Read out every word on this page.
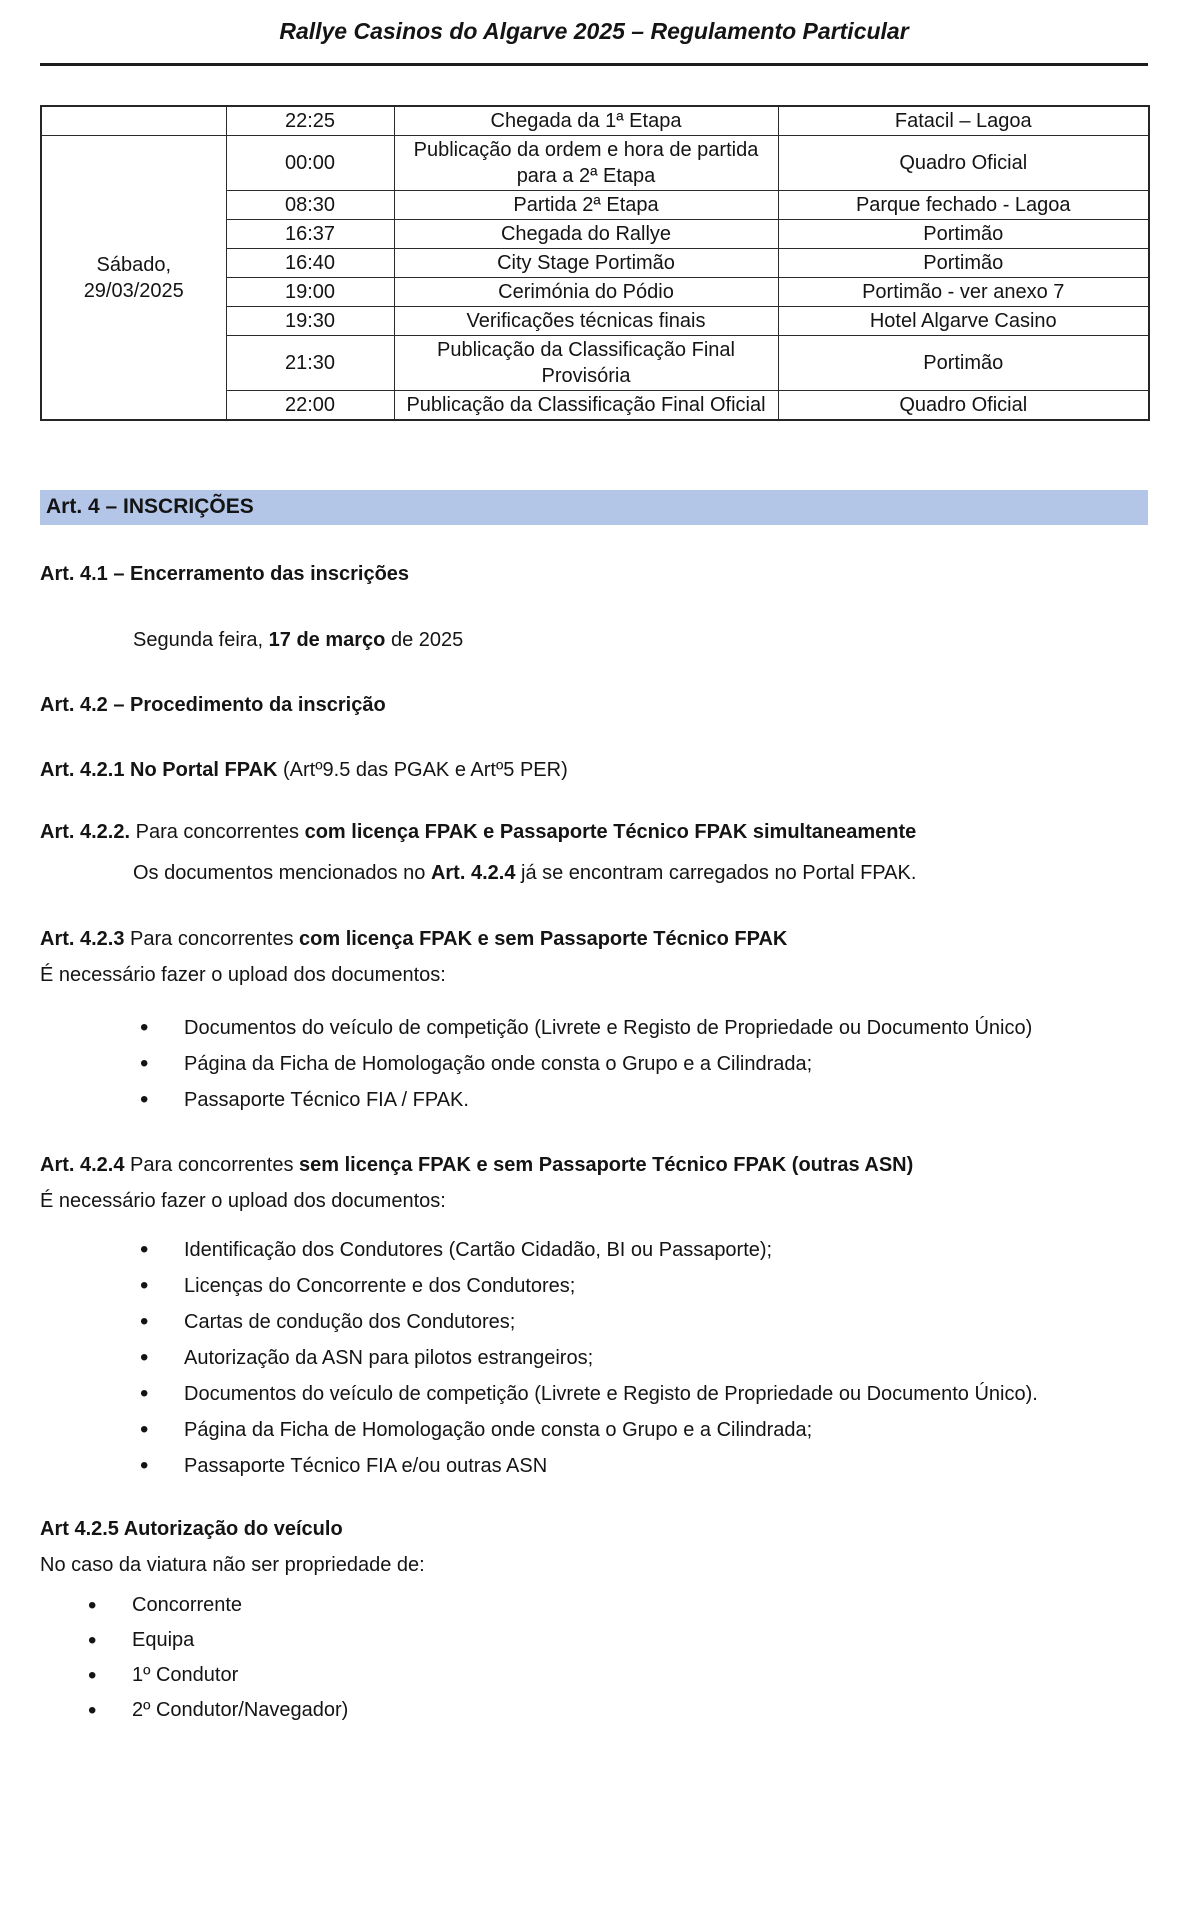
Rallye Casinos do Algarve 2025 – Regulamento Particular
	22:25	Chegada da 1ª Etapa	Fatacil – Lagoa

Sábado,
29/03/2025	00:00	Publicação da ordem e hora de partida para a 2ª Etapa	Quadro Oficial
	08:30	Partida 2ª Etapa	Parque fechado - Lagoa
	16:37	Chegada do Rallye	Portimão
	16:40	City Stage Portimão	Portimão
	19:00	Cerimónia do Pódio	Portimão - ver anexo 7
	19:30	Verificações técnicas finais	Hotel Algarve Casino
	21:30	Publicação da Classificação Final Provisória	Portimão
	22:00	Publicação da Classificação Final Oficial	Quadro Oficial
Art. 4 – INSCRIÇÕES

Art. 4.1 – Encerramento das inscrições

Segunda feira, 17 de março de 2025

Art. 4.2 – Procedimento da inscrição

Art. 4.2.1 No Portal FPAK (Artº9.5 das PGAK e Artº5 PER)

Art. 4.2.2. Para concorrentes com licença FPAK e Passaporte Técnico FPAK simultaneamente

Os documentos mencionados no Art. 4.2.4 já se encontram carregados no Portal FPAK.

Art. 4.2.3 Para concorrentes com licença FPAK e sem Passaporte Técnico FPAK

É necessário fazer o upload dos documentos:

• Documentos do veículo de competição (Livrete e Registo de Propriedade ou Documento Único)
• Página da Ficha de Homologação onde consta o Grupo e a Cilindrada;
• Passaporte Técnico FIA / FPAK.

Art. 4.2.4 Para concorrentes sem licença FPAK e sem Passaporte Técnico FPAK (outras ASN)

É necessário fazer o upload dos documentos:

• Identificação dos Condutores (Cartão Cidadão, BI ou Passaporte);
• Licenças do Concorrente e dos Condutores;
• Cartas de condução dos Condutores;
• Autorização da ASN para pilotos estrangeiros;
• Documentos do veículo de competição (Livrete e Registo de Propriedade ou Documento Único).
• Página da Ficha de Homologação onde consta o Grupo e a Cilindrada;
• Passaporte Técnico FIA e/ou outras ASN

Art 4.2.5 Autorização do veículo

No caso da viatura não ser propriedade de:

• Concorrente
• Equipa
• 1º Condutor
• 2º Condutor/Navegador)
